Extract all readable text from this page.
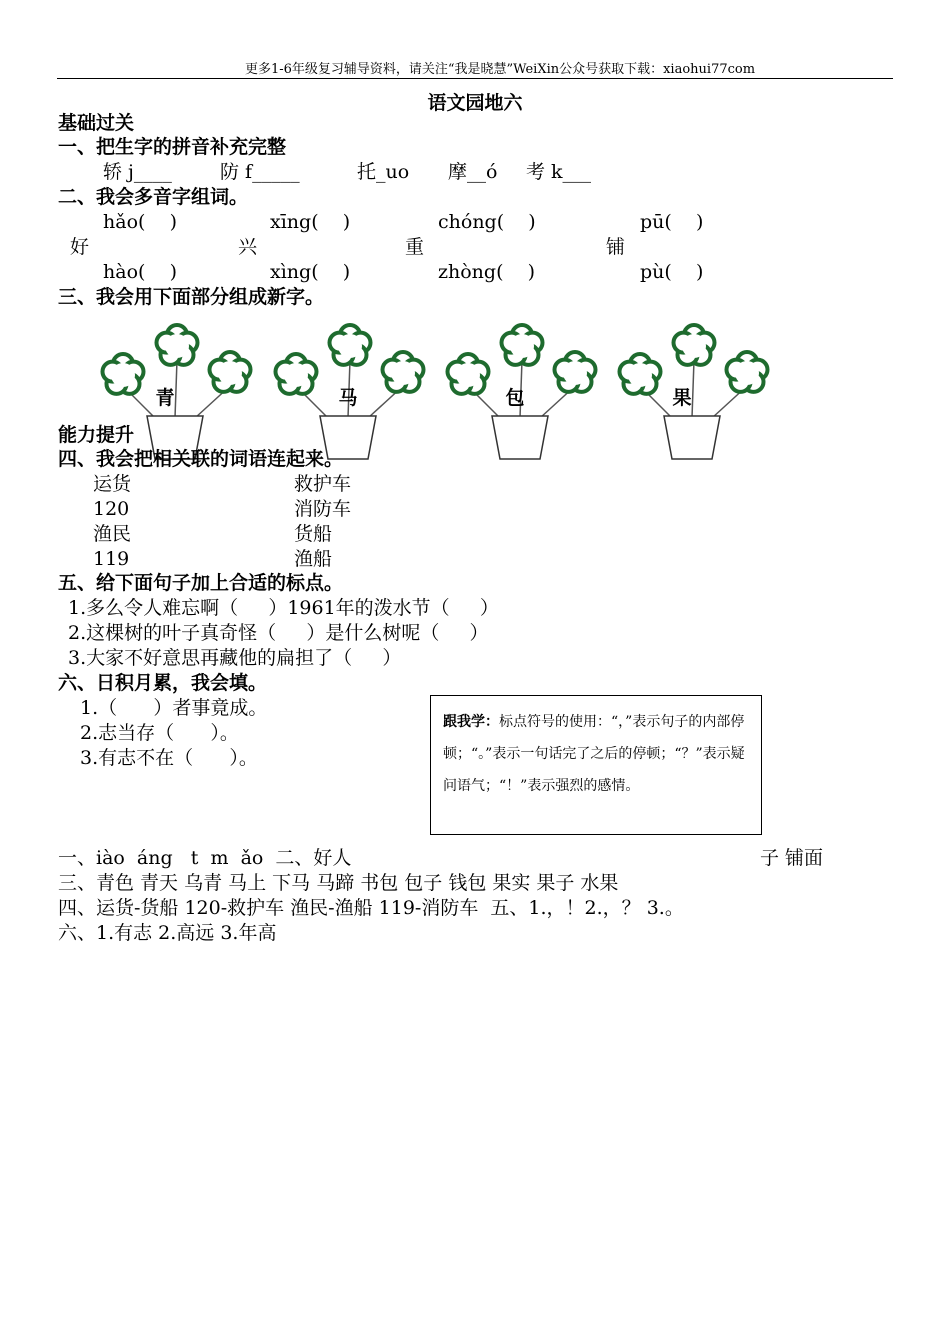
更多1-6年级复习辅导资料，请关注“我是晓慧”WeiXin公众号获取下载：xiaohui77com
语文园地六
基础过关
一、把生字的拼音补充完整
轿 j____	防 f_____	托_uo 摩__ó 考 k___
二、我会多音字组词。
hǎo(    )	xīng(    )	chóng(    )	pū(    )
好	兴	重	铺
hào(    )	xìng(    )	zhòng(    )	pù(    )
三、我会用下面部分组成新字。
青	马	包	果
能力提升
四、我会把相关联的词语连起来。
运货
120
渔民
119
救护车
消防车
货船
渔船
五、给下面句子加上合适的标点。
1.多么令人难忘啊（     ）1961年的泼水节（     ）
2.这棵树的叶子真奇怪（     ）是什么树呢（     ）
3.大家不好意思再藏他的扁担了（     ）
六、日积月累，我会填。
1.（      ）者事竟成。
2.志当存（      ）。
3.有志不在（      ）。
一、iào  áng   t  m  ǎo  二、好人	子 铺面
三、青色 青天 乌青 马上 下马 马蹄 书包 包子 钱包 果实 果子 水果
四、运货-货船 120-救护车 渔民-渔船 119-消防车  五、1.，！2.，？ 3.。
六、1.有志 2.高远 3.年高
跟我学：标点符号的使用：“，”表示句子的内部停顿；“。”表示一句话完了之后的停顿；“？”表示疑问语气；“！”表示强烈的感情。
